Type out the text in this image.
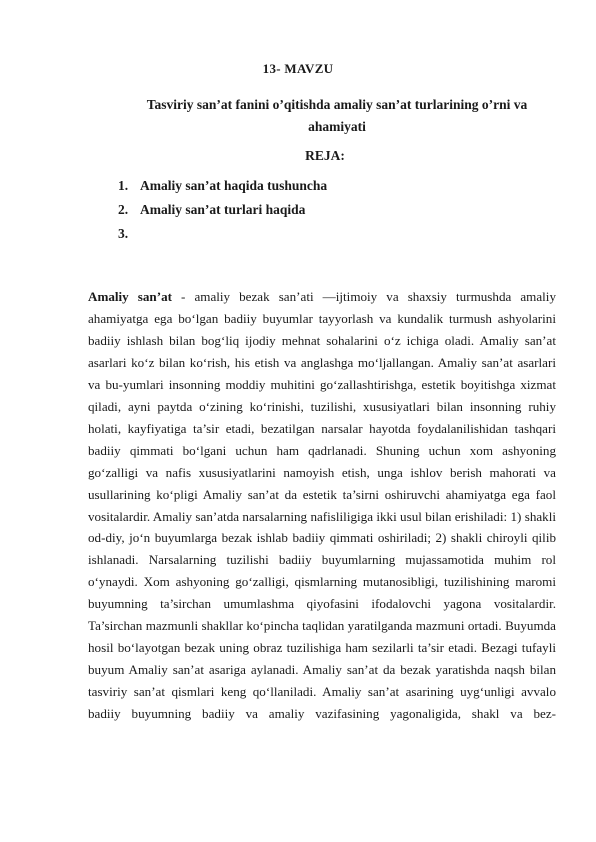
13- MAVZU
Tasviriy san’at fanini o’qitishda amaliy san’at turlarining o’rni va ahamiyati
REJA:
1. Amaliy san’at haqida tushuncha
2. Amaliy san’at turlari haqida
3.

Amaliy san’at - amaliy bezak san’ati —ijtimoiy va shaxsiy turmushda amaliy ahamiyatga ega bo‘lgan badiiy buyumlar tayyorlash va kundalik turmush ashyolarini badiiy ishlash bilan bog‘liq ijodiy mehnat sohalarini o‘z ichiga oladi. Amaliy san’at asarlari ko‘z bilan ko‘rish, his etish va anglashga mo‘ljallangan. Amaliy san’at asarlari va bu-yumlari insonning moddiy muhitini go‘zallashtirishga, estetik boyitishga xizmat qiladi, ayni paytda o‘zining ko‘rinishi, tuzilishi, xususiyatlari bilan insonning ruhiy holati, kayfiyatiga ta’sir etadi, bezatilgan narsalar hayotda foydalanilishidan tashqari badiiy qimmati bo‘lgani uchun ham qadrlanadi. Shuning uchun xom ashyoning go‘zalligi va nafis xususiyatlarini namoyish etish, unga ishlov berish mahorati va usullarining ko‘pligi Amaliy san’at da estetik ta’sirni oshiruvchi ahamiyatga ega faol vositalardir. Amaliy san’atda narsalarning nafisliligiga ikki usul bilan erishiladi: 1) shakli od-diy, jo‘n buyumlarga bezak ishlab badiiy qimmati oshiriladi; 2) shakli chiroyli qilib ishlanadi. Narsalarning tuzilishi badiiy buyumlarning mujassamotida muhim rol o‘ynaydi. Xom ashyoning go‘zalligi, qismlarning mutanosibligi, tuzilishining maromi buyumning ta’sirchan umumlashma qiyofasini ifodalovchi yagona vositalardir. Ta’sirchan mazmunli shakllar ko‘pincha taqlidan yaratilganda mazmuni ortadi. Buyumda hosil bo‘layotgan bezak uning obraz tuzilishiga ham sezilarli ta’sir etadi. Bezagi tufayli buyum Amaliy san’at asariga aylanadi. Amaliy san’at da bezak yaratishda naqsh bilan tasviriy san’at qismlari keng qo‘llaniladi. Amaliy san’at asarining uyg‘unligi avvalo badiiy buyumning badiiy va amaliy vazifasining yagonaligida, shakl va bez-
